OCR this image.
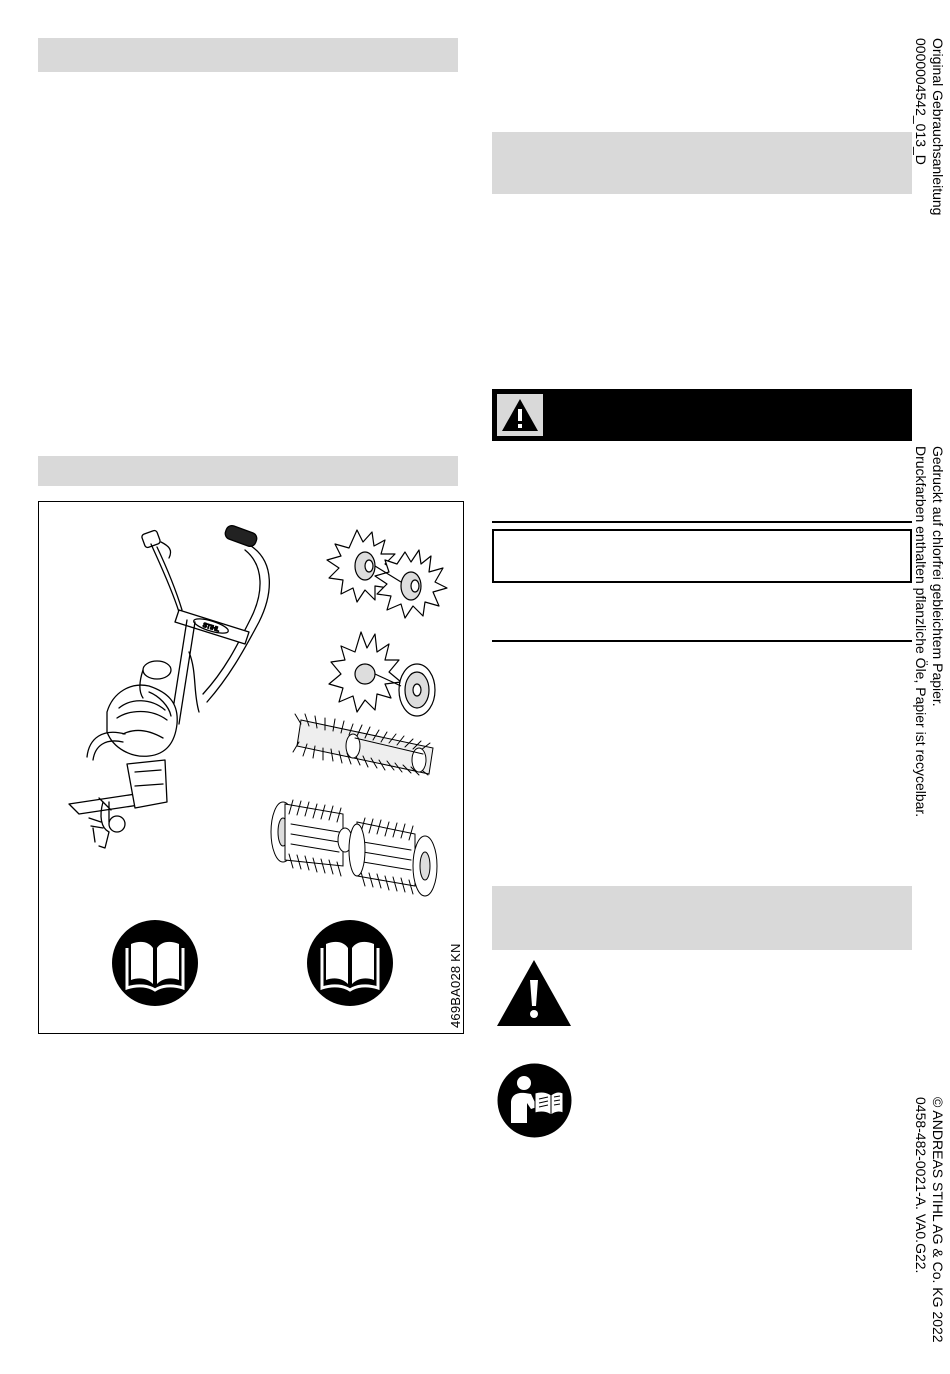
STIHL
469BA028 KN
Original Gebrauchsanleitung
0000004542_013_D
Gedruckt auf chlorfrei gebleichtem Papier.
Druckfarben enthalten pflanzliche Öle, Papier ist recycelbar.
© ANDREAS STIHL AG & Co. KG 2022
0458-482-0021-A. VA0.G22.
